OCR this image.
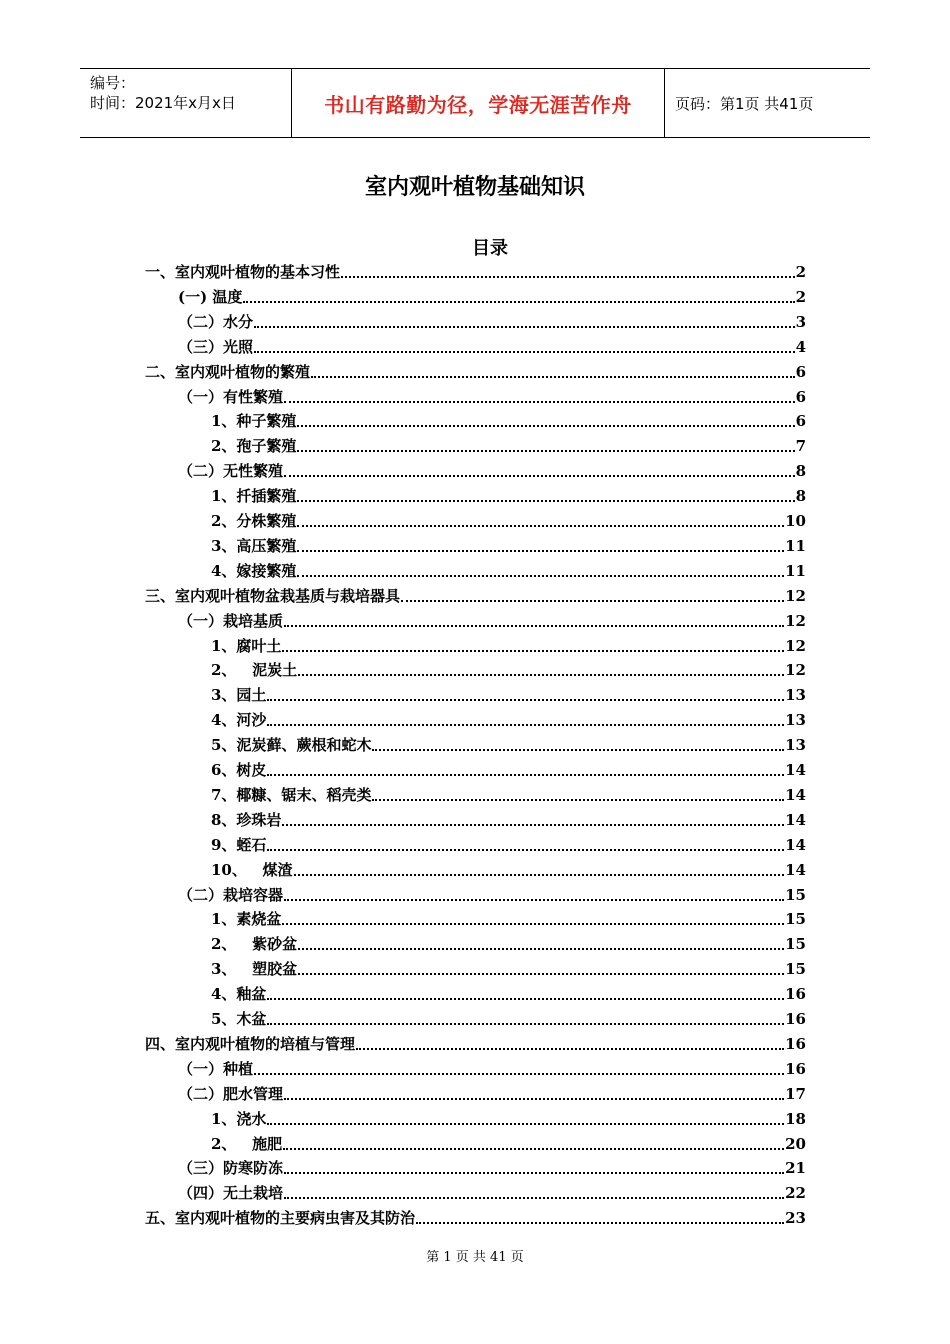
编号：
时间：2021年x月x日	书山有路勤为径，学海无涯苦作舟	页码：第1页 共41页
室内观叶植物基础知识
目录
一、室内观叶植物的基本习性	2
(一) 温度	2
（二）水分	3
（三）光照	4
二、室内观叶植物的繁殖	6
（一）有性繁殖	6
1、种子繁殖	6
2、孢子繁殖	7
（二）无性繁殖	8
1、扦插繁殖	8
2、分株繁殖	10
3、高压繁殖	11
4、嫁接繁殖	11
三、室内观叶植物盆栽基质与栽培器具	12
（一）栽培基质	12
1、腐叶土	12
2、   泥炭土	12
3、园土	13
4、河沙	13
5、泥炭藓、蕨根和蛇木	13
6、树皮	14
7、椰糠、锯末、稻壳类	14
8、珍珠岩	14
9、蛭石	14
10、   煤渣	14
（二）栽培容器	15
1、素烧盆	15
2、   紫砂盆	15
3、   塑胶盆	15
4、釉盆	16
5、木盆	16
四、室内观叶植物的培植与管理	16
（一）种植	16
（二）肥水管理	17
1、浇水	18
2、   施肥	20
（三）防寒防冻	21
（四）无土栽培	22
五、室内观叶植物的主要病虫害及其防治	23
第 1 页 共 41 页
